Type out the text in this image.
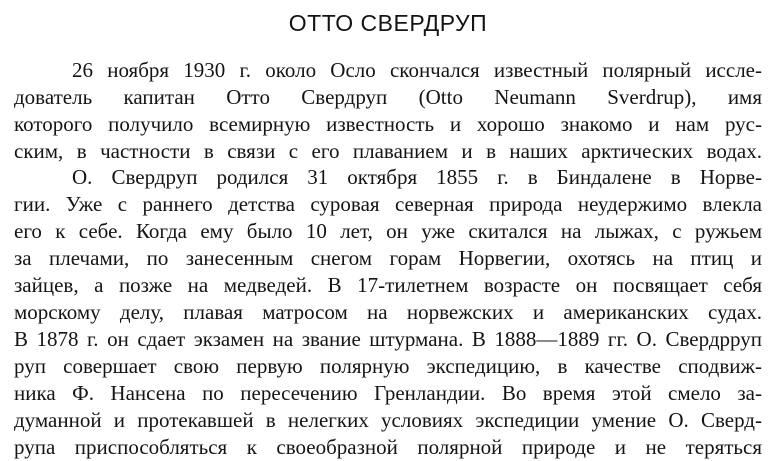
ОТТО СВЕРДРУП
26 ноября 1930 г. около Осло скончался известный полярный иссле-
дователь капитан Отто Свердруп (Otto Neumann Sverdrup), имя
которого получило всемирную известность и хорошо знакомо и нам рус-
ским, в частности в связи с его плаванием и в наших арктических водах.
О. Свердруп родился 31 октября 1855 г. в Биндалене в Норве-
гии. Уже с раннего детства суровая северная природа неудержимо влекла
его к себе. Когда ему было 10 лет, он уже скитался на лыжах, с ружьем
за плечами, по занесенным снегом горам Норвегии, охотясь на птиц и
зайцев, а позже на медведей. В 17-тилетнем возрасте он посвящает себя
морскому делу, плавая матросом на норвежских и американских судах.
В 1878 г. он сдает экзамен на звание штурмана. В 1888—1889 гг. О. Свердрруп
руп совершает свою первую полярную экспедицию, в качестве сподвиж-
ника Ф. Нансена по пересечению Гренландии. Во время этой смело за-
думанной и протекавшей в нелегких условиях экспедиции умение О. Сверд-
рупа приспособляться к своеобразной полярной природе и не теряться
